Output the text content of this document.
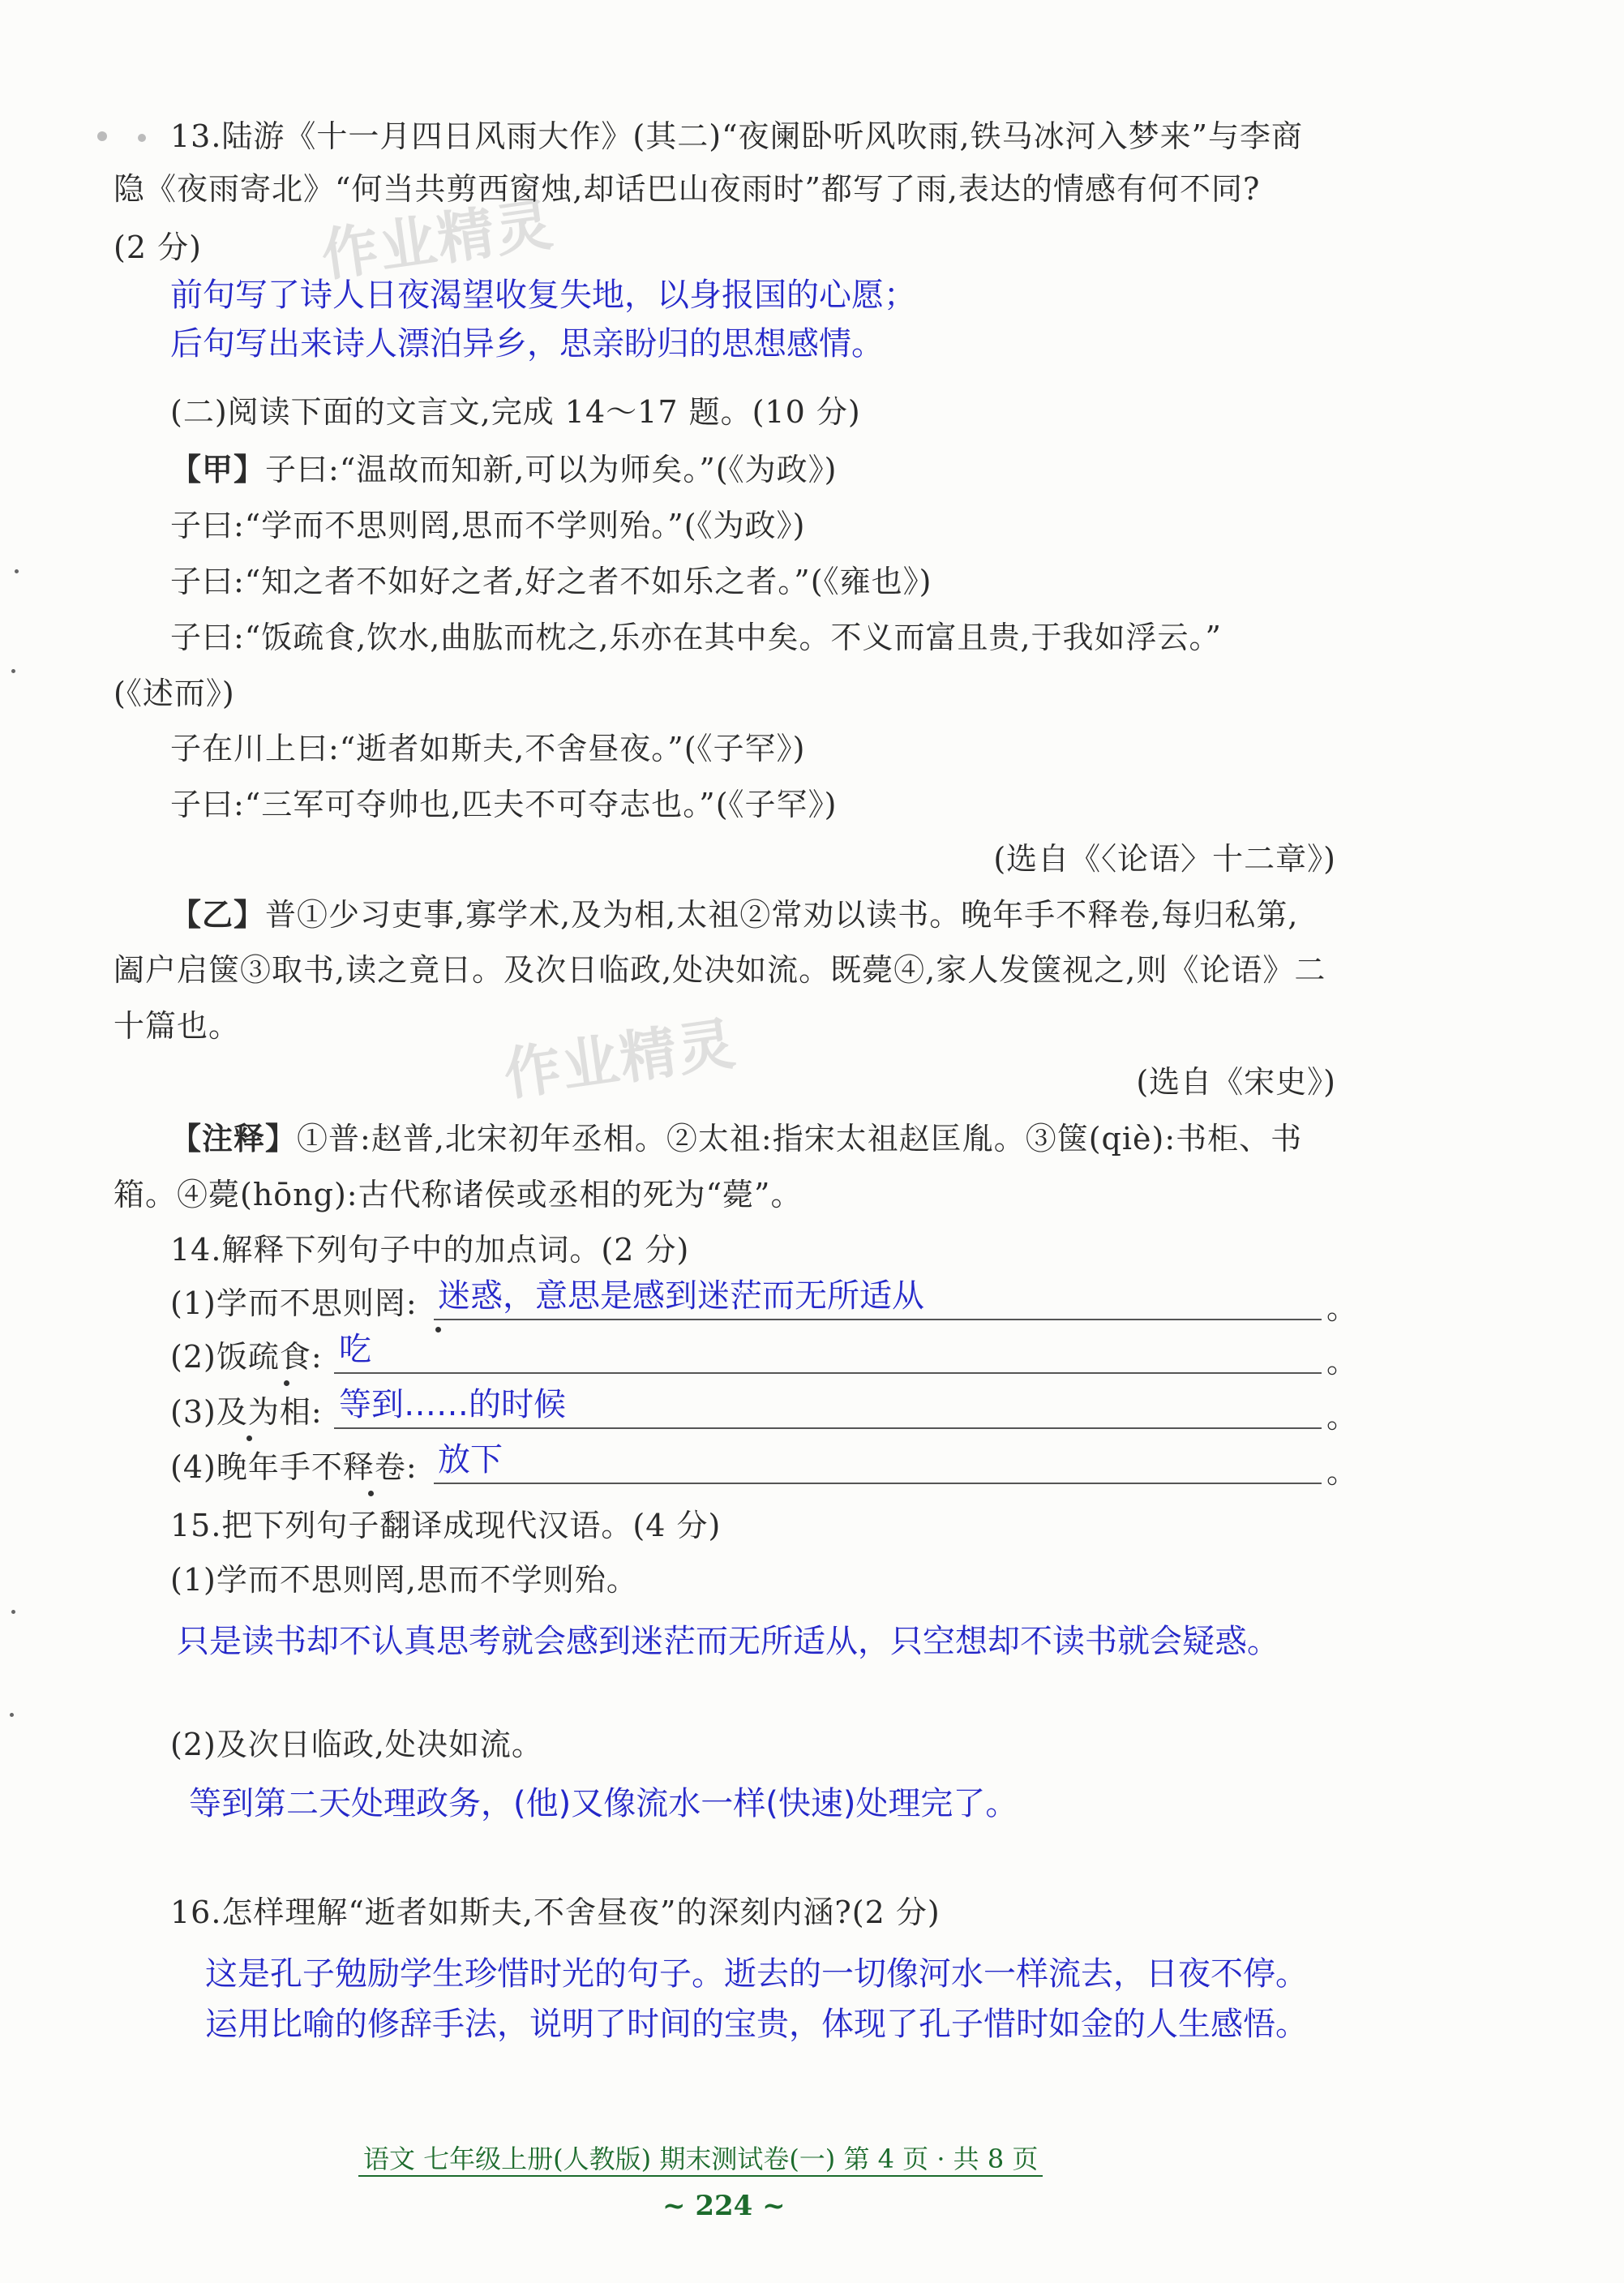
作业精灵
作业精灵
13.陆游《十一月四日风雨大作》(其二)“夜阑卧听风吹雨,铁马冰河入梦来”与李商
隐《夜雨寄北》“何当共剪西窗烛,却话巴山夜雨时”都写了雨,表达的情感有何不同?
(2 分)
前句写了诗人日夜渴望收复失地，以身报国的心愿；
后句写出来诗人漂泊异乡，思亲盼归的思想感情。
(二)阅读下面的文言文,完成 14～17 题。(10 分)
【甲】子曰:“温故而知新,可以为师矣。”(《为政》)
子曰:“学而不思则罔,思而不学则殆。”(《为政》)
子曰:“知之者不如好之者,好之者不如乐之者。”(《雍也》)
子曰:“饭疏食,饮水,曲肱而枕之,乐亦在其中矣。不义而富且贵,于我如浮云。”
(《述而》)
子在川上曰:“逝者如斯夫,不舍昼夜。”(《子罕》)
子曰:“三军可夺帅也,匹夫不可夺志也。”(《子罕》)
(选自《〈论语〉十二章》)
【乙】普①少习吏事,寡学术,及为相,太祖②常劝以读书。晚年手不释卷,每归私第,
阖户启箧③取书,读之竟日。及次日临政,处决如流。既薨④,家人发箧视之,则《论语》二
十篇也。
(选自《宋史》)
【注释】①普:赵普,北宋初年丞相。②太祖:指宋太祖赵匡胤。③箧(qiè):书柜、书
箱。④薨(hōng):古代称诸侯或丞相的死为“薨”。
14.解释下列句子中的加点词。(2 分)
(1)学而不思则罔: 迷惑，意思是感到迷茫而无所适从	。
(2)饭疏食: 吃	。
(3)及为相: 等到……的时候	。
(4)晚年手不释卷: 放下	。
15.把下列句子翻译成现代汉语。(4 分)
(1)学而不思则罔,思而不学则殆。
只是读书却不认真思考就会感到迷茫而无所适从，只空想却不读书就会疑惑。
(2)及次日临政,处决如流。
等到第二天处理政务，(他)又像流水一样(快速)处理完了。
16.怎样理解“逝者如斯夫,不舍昼夜”的深刻内涵?(2 分)
这是孔子勉励学生珍惜时光的句子。逝去的一切像河水一样流去，日夜不停。
运用比喻的修辞手法，说明了时间的宝贵，体现了孔子惜时如金的人生感悟。
语文 七年级上册(人教版) 期末测试卷(一) 第 4 页 · 共 8 页
~ 224 ~
